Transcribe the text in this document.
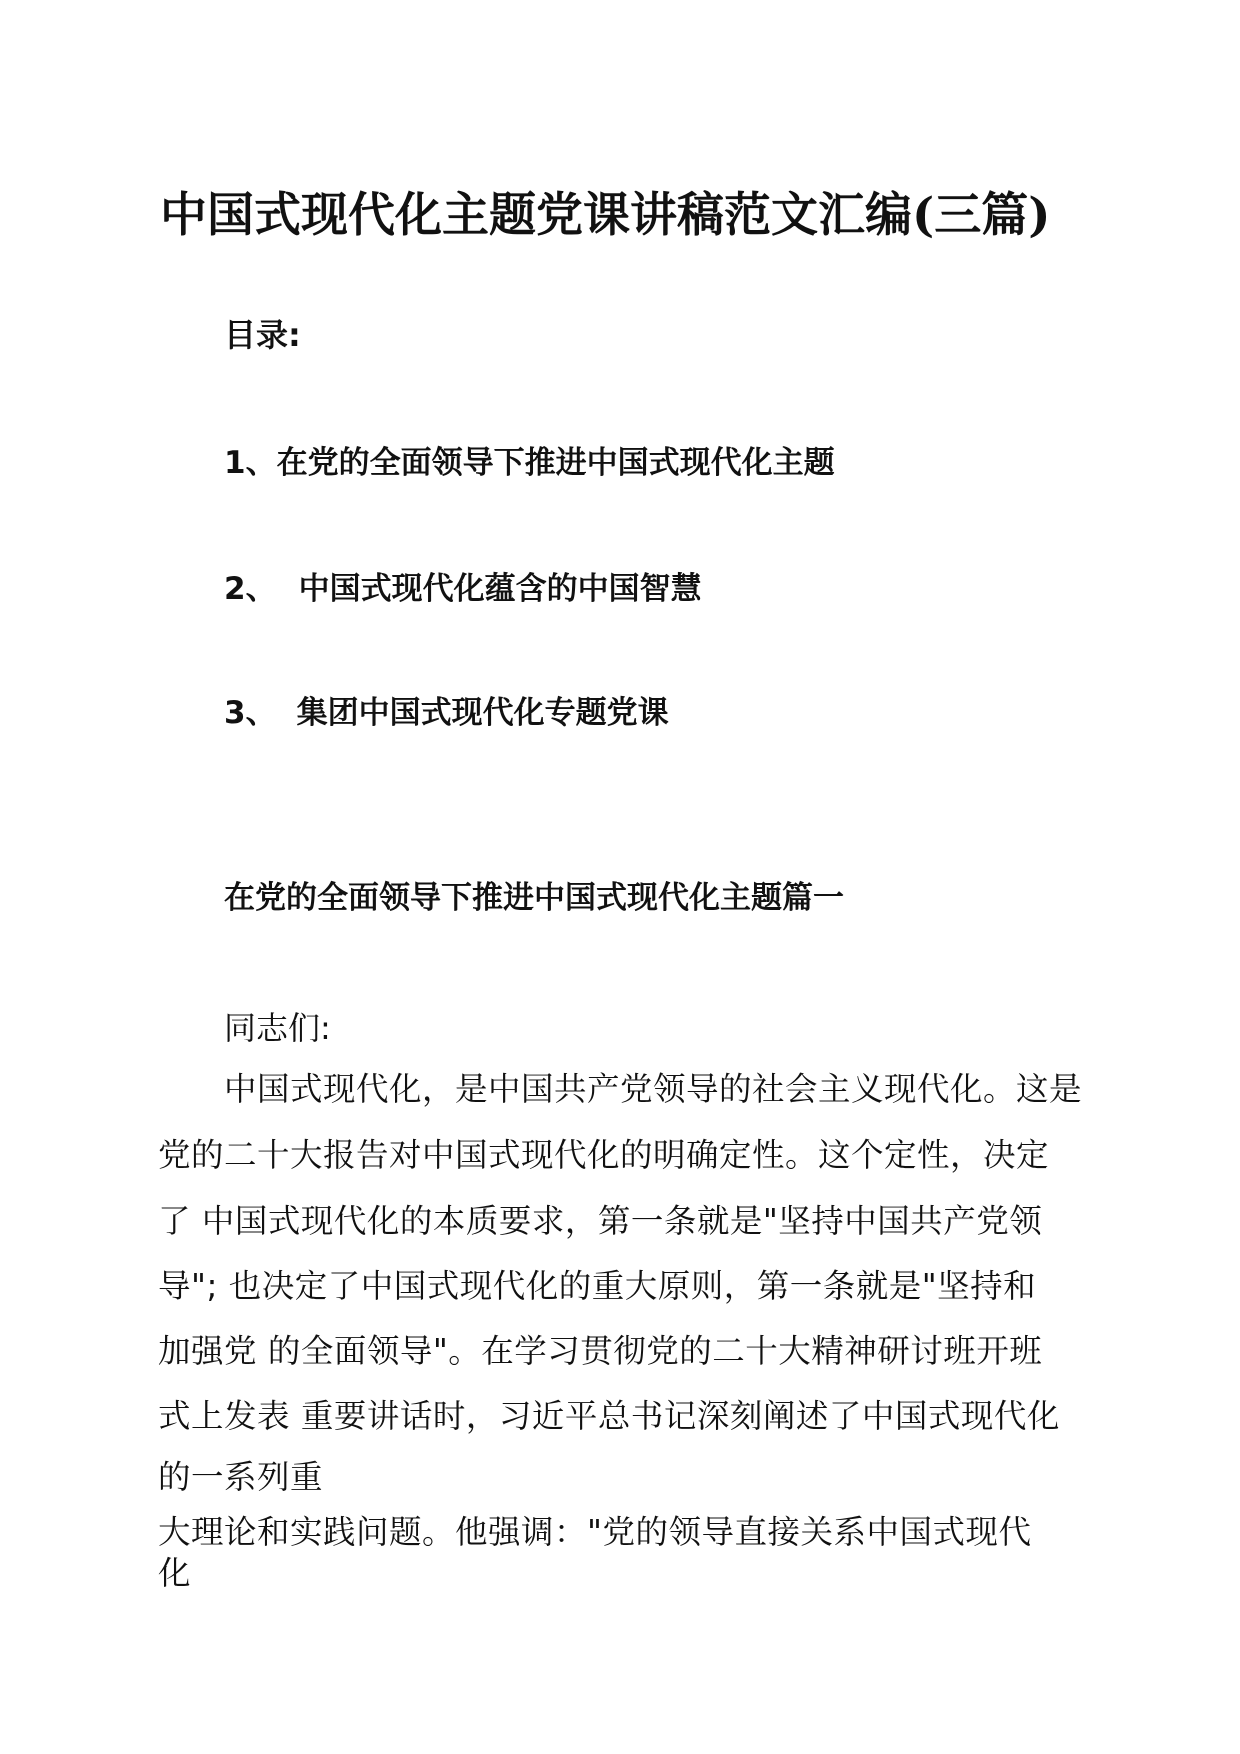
中国式现代化主题党课讲稿范文汇编(三篇)
目录:
1、在党的全面领导下推进中国式现代化主题
2、 中国式现代化蕴含的中国智慧
3、 集团中国式现代化专题党课
在党的全面领导下推进中国式现代化主题篇一
同志们:
中国式现代化，是中国共产党领导的社会主义现代化。这是
党的二十大报告对中国式现代化的明确定性。这个定性，决定
了 中国式现代化的本质要求，第一条就是"坚持中国共产党领
导"; 也决定了中国式现代化的重大原则，第一条就是"坚持和
加强党 的全面领导"。在学习贯彻党的二十大精神研讨班开班
式上发表 重要讲话时，习近平总书记深刻阐述了中国式现代化
的一系列重
大理论和实践问题。他强调："党的领导直接关系中国式现代
化
